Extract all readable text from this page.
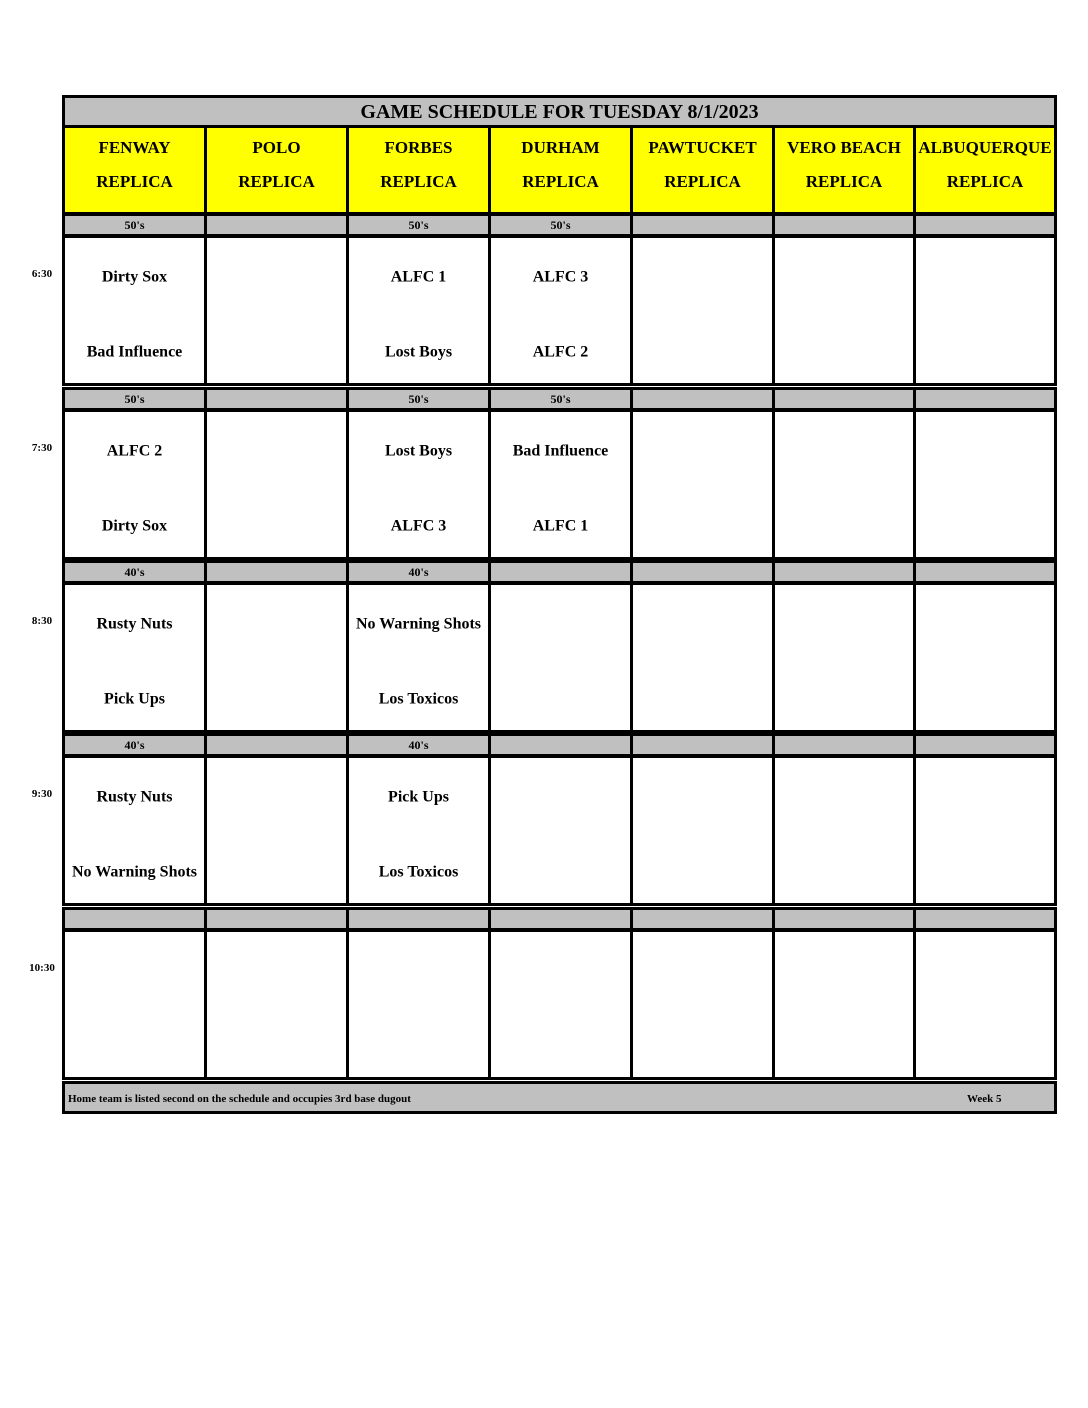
GAME SCHEDULE FOR TUESDAY 8/1/2023
FENWAY
REPLICA
POLO
REPLICA
FORBES
REPLICA
DURHAM
REPLICA
PAWTUCKET
REPLICA
VERO BEACH
REPLICA
ALBUQUERQUE
REPLICA
50's
Dirty Sox
Bad Influence
50's
ALFC 1
Lost Boys
50's
ALFC 3
ALFC 2
50's
ALFC 2
Dirty Sox
50's
Lost Boys
ALFC 3
50's
Bad Influence
ALFC 1
40's
Rusty Nuts
Pick Ups
40's
No Warning Shots
Los Toxicos
40's
Rusty Nuts
No Warning Shots
40's
Pick Ups
Los Toxicos
Home team is listed second on the schedule and occupies 3rd base dugout	Week 5
6:30
7:30
8:30
9:30
10:30
